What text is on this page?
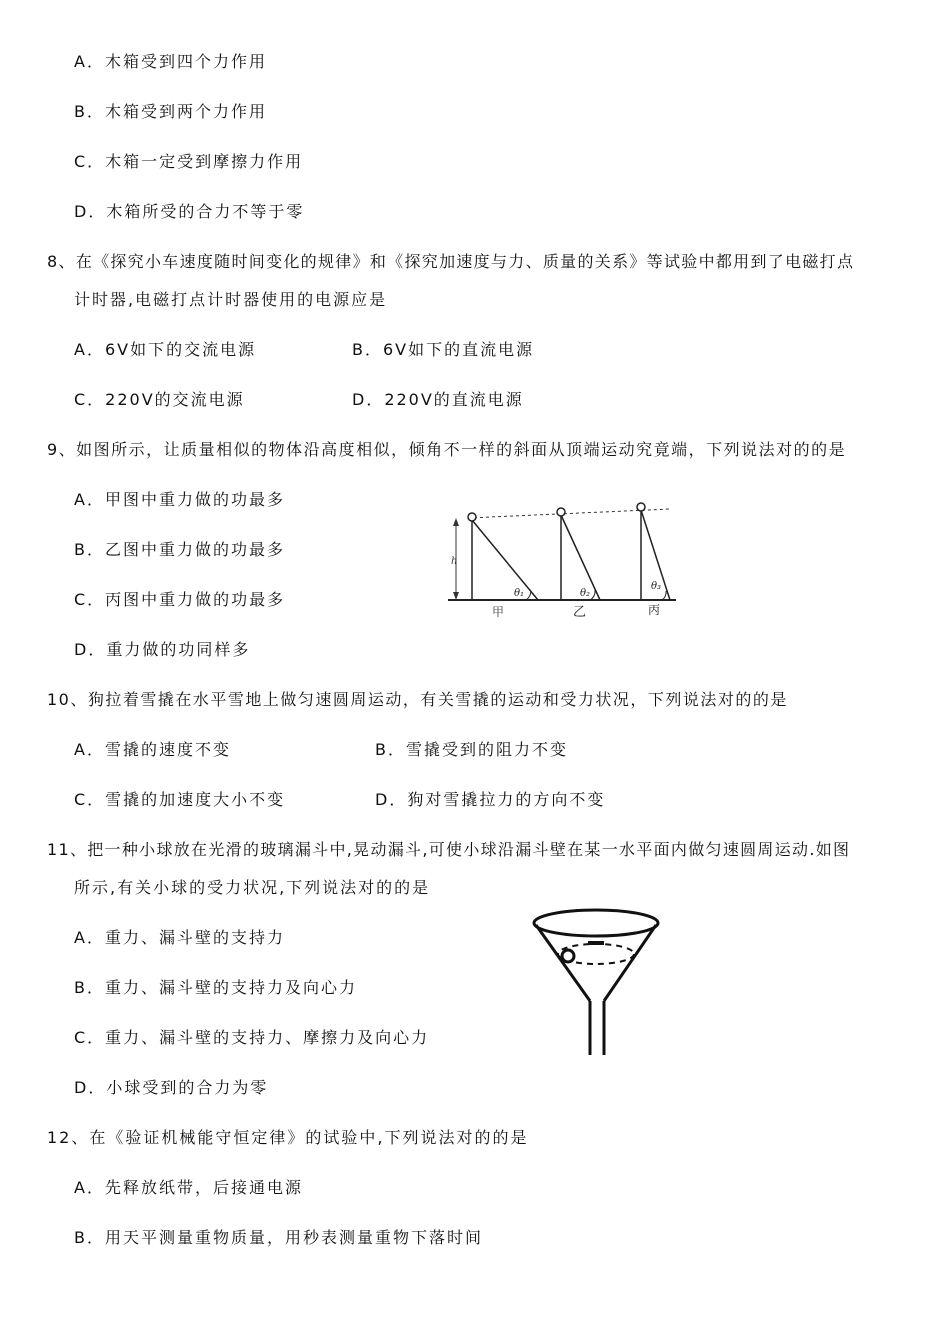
A．木箱受到四个力作用
B．木箱受到两个力作用
C．木箱一定受到摩擦力作用
D．木箱所受的合力不等于零
8、在《探究小车速度随时间变化的规律》和《探究加速度与力、质量的关系》等试验中都用到了电磁打点
计时器,电磁打点计时器使用的电源应是
A．6V如下的交流电源	B．6V如下的直流电源
C．220V的交流电源	D．220V的直流电源
9、如图所示，让质量相似的物体沿高度相似，倾角不一样的斜面从顶端运动究竟端，下列说法对的的是
A．甲图中重力做的功最多
B．乙图中重力做的功最多
C．丙图中重力做的功最多
D．重力做的功同样多
h
θ₁	θ₂
θ₃
甲	乙	丙
10、狗拉着雪撬在水平雪地上做匀速圆周运动，有关雪撬的运动和受力状况，下列说法对的的是
A．雪撬的速度不变	B．雪撬受到的阻力不变
C．雪撬的加速度大小不变	D．狗对雪撬拉力的方向不变
11、把一种小球放在光滑的玻璃漏斗中,晃动漏斗,可使小球沿漏斗壁在某一水平面内做匀速圆周运动.如图
所示,有关小球的受力状况,下列说法对的的是
A．重力、漏斗壁的支持力
B．重力、漏斗壁的支持力及向心力
C．重力、漏斗壁的支持力、摩擦力及向心力
D．小球受到的合力为零
12、在《验证机械能守恒定律》的试验中,下列说法对的的是
A．先释放纸带，后接通电源
B．用天平测量重物质量，用秒表测量重物下落时间
